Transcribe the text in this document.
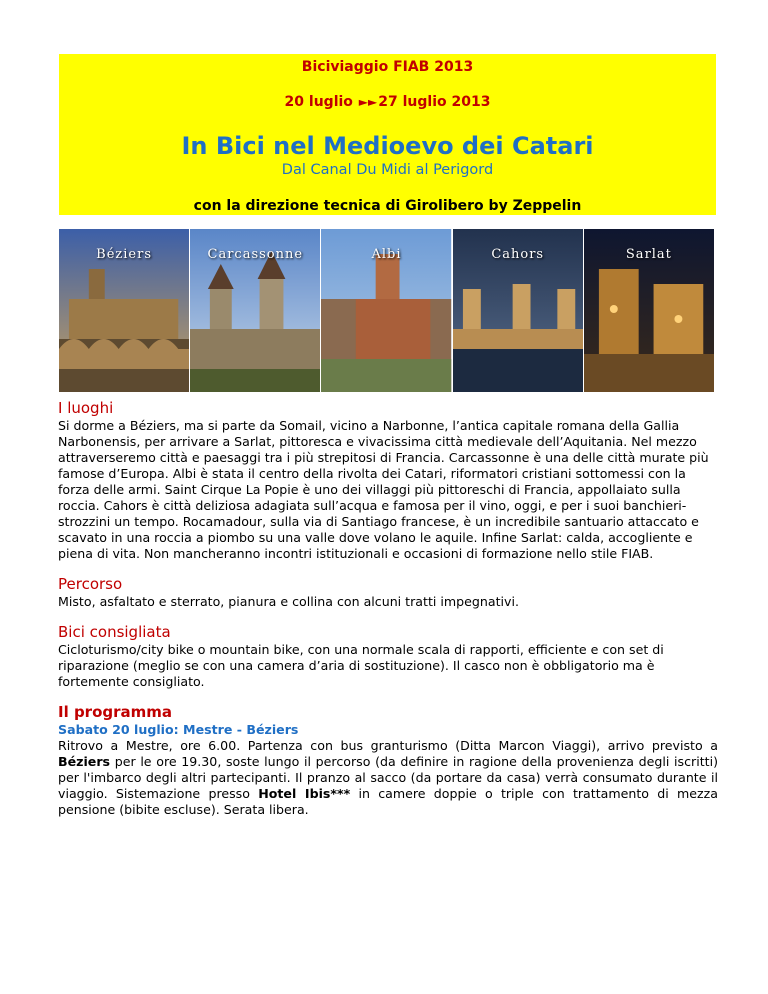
Biciviaggio FIAB 2013
20 luglio ►►27 luglio 2013
In Bici nel Medioevo dei Catari
Dal Canal Du Midi al Perigord
con la direzione tecnica di Girolibero by Zeppelin
Béziers	Carcassonne	Albi	Cahors	Sarlat
I luoghi

Si dorme a Béziers, ma si parte da Somail, vicino a Narbonne, l’antica capitale romana della Gallia Narbonensis, per arrivare a Sarlat, pittoresca e vivacissima città medievale dell’Aquitania. Nel mezzo attraverseremo città e paesaggi tra i più strepitosi di Francia. Carcassonne è una delle città murate più famose d’Europa. Albi è stata il centro della rivolta dei Catari, riformatori cristiani sottomessi con la forza delle armi. Saint Cirque La Popie è uno dei villaggi più pittoreschi di Francia, appollaiato sulla roccia. Cahors è città deliziosa adagiata sull’acqua e famosa per il vino, oggi, e per i suoi banchieri-strozzini un tempo. Rocamadour, sulla via di Santiago francese, è un incredibile santuario attaccato e scavato in una roccia a piombo su una valle dove volano le aquile. Infine Sarlat: calda, accogliente e piena di vita. Non mancheranno incontri istituzionali e occasioni di formazione nello stile FIAB.

Percorso

Misto, asfaltato e sterrato, pianura e collina con alcuni tratti impegnativi.

Bici consigliata

Cicloturismo/city bike o mountain bike, con una normale scala di rapporti, efficiente e con set di riparazione (meglio se con una camera d’aria di sostituzione). Il casco non è obbligatorio ma è fortemente consigliato.

Il programma
Sabato 20 luglio: Mestre - Béziers

Ritrovo a Mestre, ore 6.00. Partenza con bus granturismo (Ditta Marcon Viaggi), arrivo previsto a Béziers per le ore 19.30, soste lungo il percorso (da definire in ragione della provenienza degli iscritti) per l'imbarco degli altri partecipanti. Il pranzo al sacco (da portare da casa) verrà consumato durante il viaggio. Sistemazione presso Hotel Ibis*** in camere doppie o triple con trattamento di mezza pensione (bibite escluse). Serata libera.
